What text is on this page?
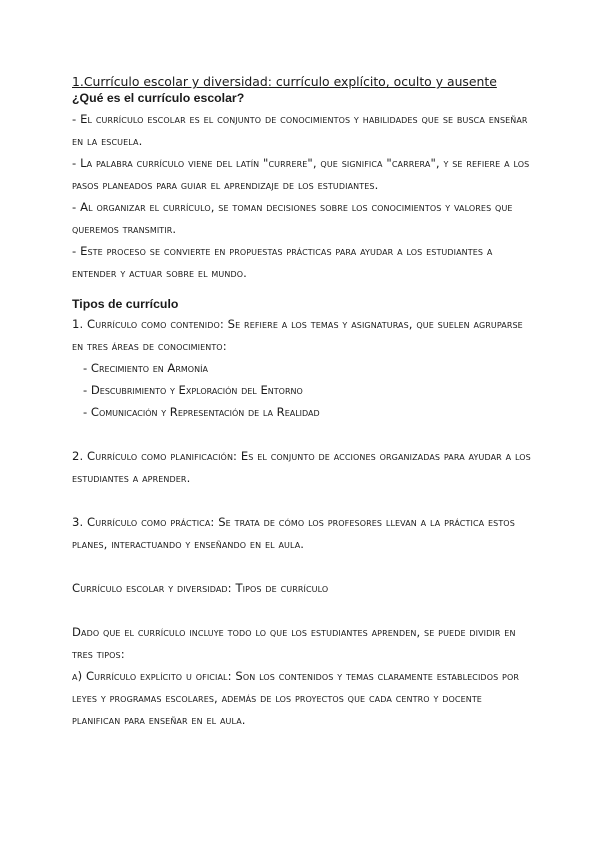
1.Currículo escolar y diversidad: currículo explícito, oculto y ausente

¿Qué es el currículo escolar?

- El currículo escolar es el conjunto de conocimientos y habilidades que se busca enseñar en la escuela.

- La palabra currículo viene del latín "currere", que significa "carrera", y se refiere a los pasos planeados para guiar el aprendizaje de los estudiantes.

- Al organizar el currículo, se toman decisiones sobre los conocimientos y valores que queremos transmitir.

- Este proceso se convierte en propuestas prácticas para ayudar a los estudiantes a entender y actuar sobre el mundo.

Tipos de currículo

1. Currículo como contenido: Se refiere a los temas y asignaturas, que suelen agruparse en tres áreas de conocimiento:

- Crecimiento en Armonía
- Descubrimiento y Exploración del Entorno
- Comunicación y Representación de la Realidad

2. Currículo como planificación: Es el conjunto de acciones organizadas para ayudar a los estudiantes a aprender.

3. Currículo como práctica: Se trata de cómo los profesores llevan a la práctica estos planes, interactuando y enseñando en el aula.

Currículo escolar y diversidad: Tipos de currículo

Dado que el currículo incluye todo lo que los estudiantes aprenden, se puede dividir en tres tipos:

a) Currículo explícito u oficial: Son los contenidos y temas claramente establecidos por leyes y programas escolares, además de los proyectos que cada centro y docente planifican para enseñar en el aula.
